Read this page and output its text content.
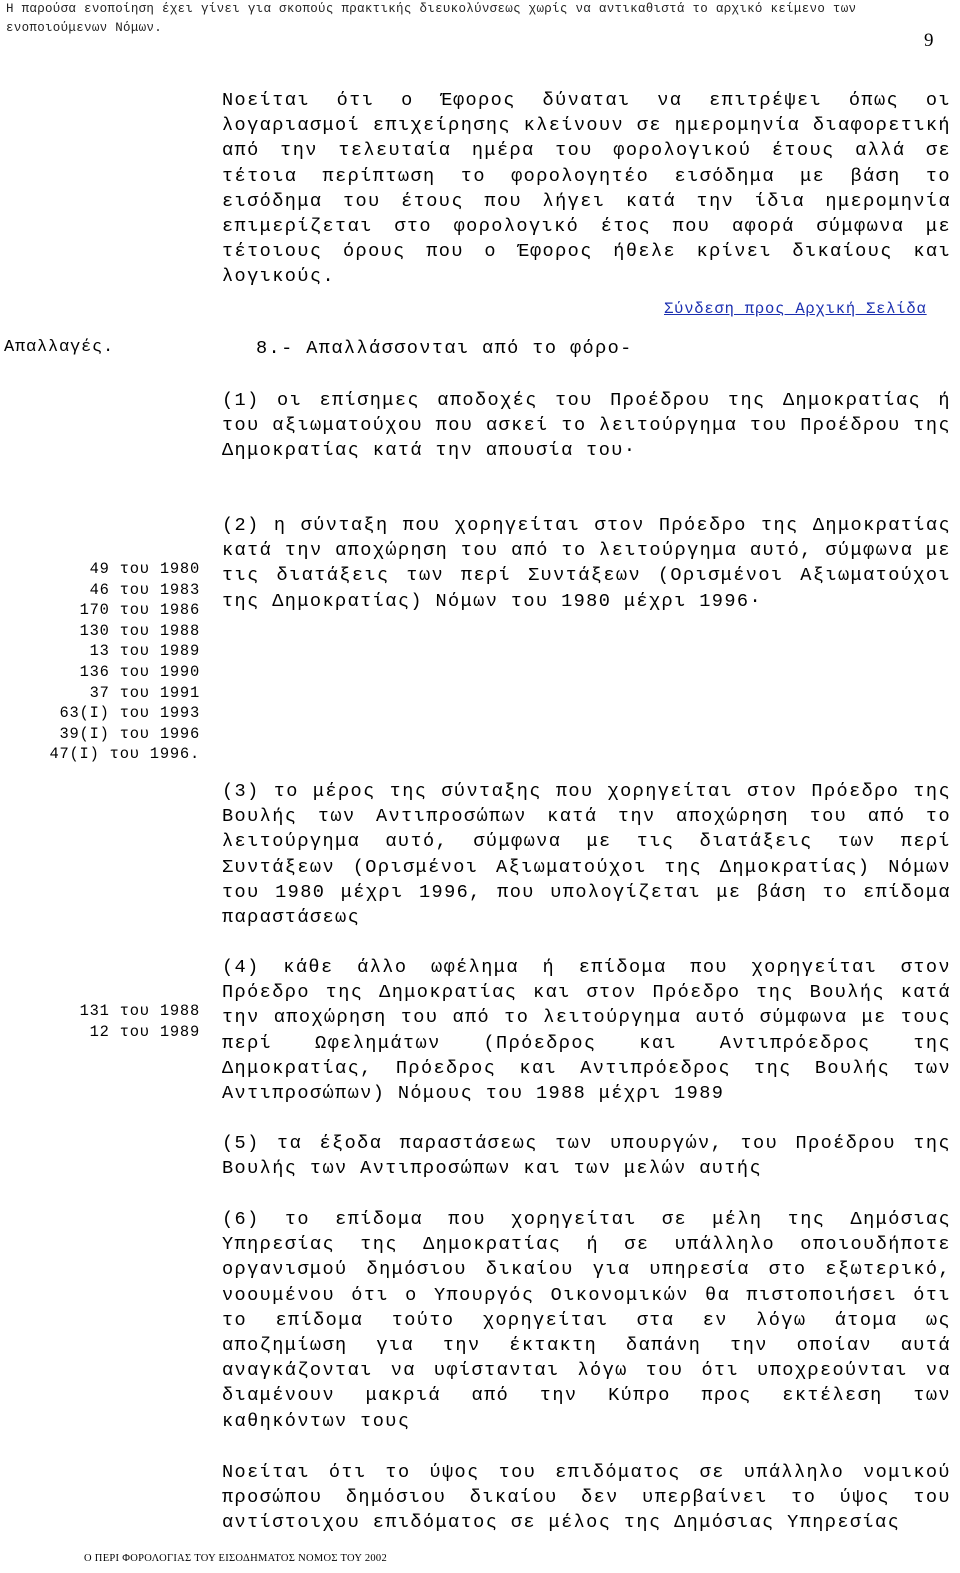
Η παρούσα ενοποίηση έχει γίνει για σκοπούς πρακτικής διευκολύνσεως χωρίς να αντικαθιστά το αρχικό κείμενο των
ενοποιούμενων Νόμων.
9

Νοείται ότι ο Έφορος δύναται να επιτρέψει όπως οι λογαριασμοί επιχείρησης κλείνουν σε ημερομηνία διαφορετική από την τελευταία ημέρα του φορολογικού έτους αλλά σε τέτοια περίπτωση το φορολογητέο εισόδημα με βάση το εισόδημα του έτους που λήγει κατά την ίδια ημερομηνία επιμερίζεται στο φορολογικό έτος που αφορά σύμφωνα με τέτοιους όρους που ο Έφορος ήθελε κρίνει δικαίους και λογικούς.

Σύνδεση προς Αρχική Σελίδα
Απαλλαγές.	8.- Απαλλάσσονται από το φόρο-

(1) οι επίσημες αποδοχές του Προέδρου της Δημοκρατίας ή του αξιωματούχου που ασκεί το λειτούργημα του Προέδρου της Δημοκρατίας κατά την απουσία του·

(2) η σύνταξη που χορηγείται στον Πρόεδρο της Δημοκρατίας κατά την αποχώρηση του από το λειτούργημα αυτό, σύμφωνα με τις διατάξεις των περί Συντάξεων (Ορισμένοι Αξιωματούχοι της Δημοκρατίας) Νόμων του 1980 μέχρι 1996·

(3) το μέρος της σύνταξης που χορηγείται στον Πρόεδρο της Βουλής των Αντιπροσώπων κατά την αποχώρηση του από το λειτούργημα αυτό, σύμφωνα με τις διατάξεις των περί Συντάξεων (Ορισμένοι Αξιωματούχοι της Δημοκρατίας) Νόμων του 1980 μέχρι 1996, που υπολογίζεται με βάση το επίδομα παραστάσεως

(4) κάθε άλλο ωφέλημα ή επίδομα που χορηγείται στον Πρόεδρο της Δημοκρατίας και στον Πρόεδρο της Βουλής κατά την αποχώρηση του από το λειτούργημα αυτό σύμφωνα με τους περί Ωφελημάτων (Πρόεδρος και Αντιπρόεδρος της Δημοκρατίας, Πρόεδρος και Αντιπρόεδρος της Βουλής των Αντιπροσώπων) Νόμους του 1988 μέχρι 1989

(5) τα έξοδα παραστάσεως των υπουργών, του Προέδρου της Βουλής των Αντιπροσώπων και των μελών αυτής

(6) το επίδομα που χορηγείται σε μέλη της Δημόσιας Υπηρεσίας της Δημοκρατίας ή σε υπάλληλο οποιουδήποτε οργανισμού δημόσιου δικαίου για υπηρεσία στο εξωτερικό, νοουμένου ότι ο Υπουργός Οικονομικών θα πιστοποιήσει ότι το επίδομα τούτο χορηγείται στα εν λόγω άτομα ως αποζημίωση για την έκτακτη δαπάνη την οποίαν αυτά αναγκάζονται να υφίστανται λόγω του ότι υποχρεούνται να διαμένουν μακριά από την Κύπρο προς εκτέλεση των καθηκόντων τους

Νοείται ότι το ύψος του επιδόματος σε υπάλληλο νομικού προσώπου δημόσιου δικαίου δεν υπερβαίνει το ύψος του αντίστοιχου επιδόματος σε μέλος της Δημόσιας Υπηρεσίας

49 του 1980
46 του 1983
170 του 1986
130 του 1988
13 του 1989
136 του 1990
37 του 1991
63(Ι) του 1993
39(Ι) του 1996
47(Ι) του 1996.
131 του 1988
12 του 1989
Ο ΠΕΡΙ ΦΟΡΟΛΟΓΙΑΣ ΤΟΥ ΕΙΣΟΔΗΜΑΤΟΣ ΝΟΜΟΣ ΤΟΥ 2002
